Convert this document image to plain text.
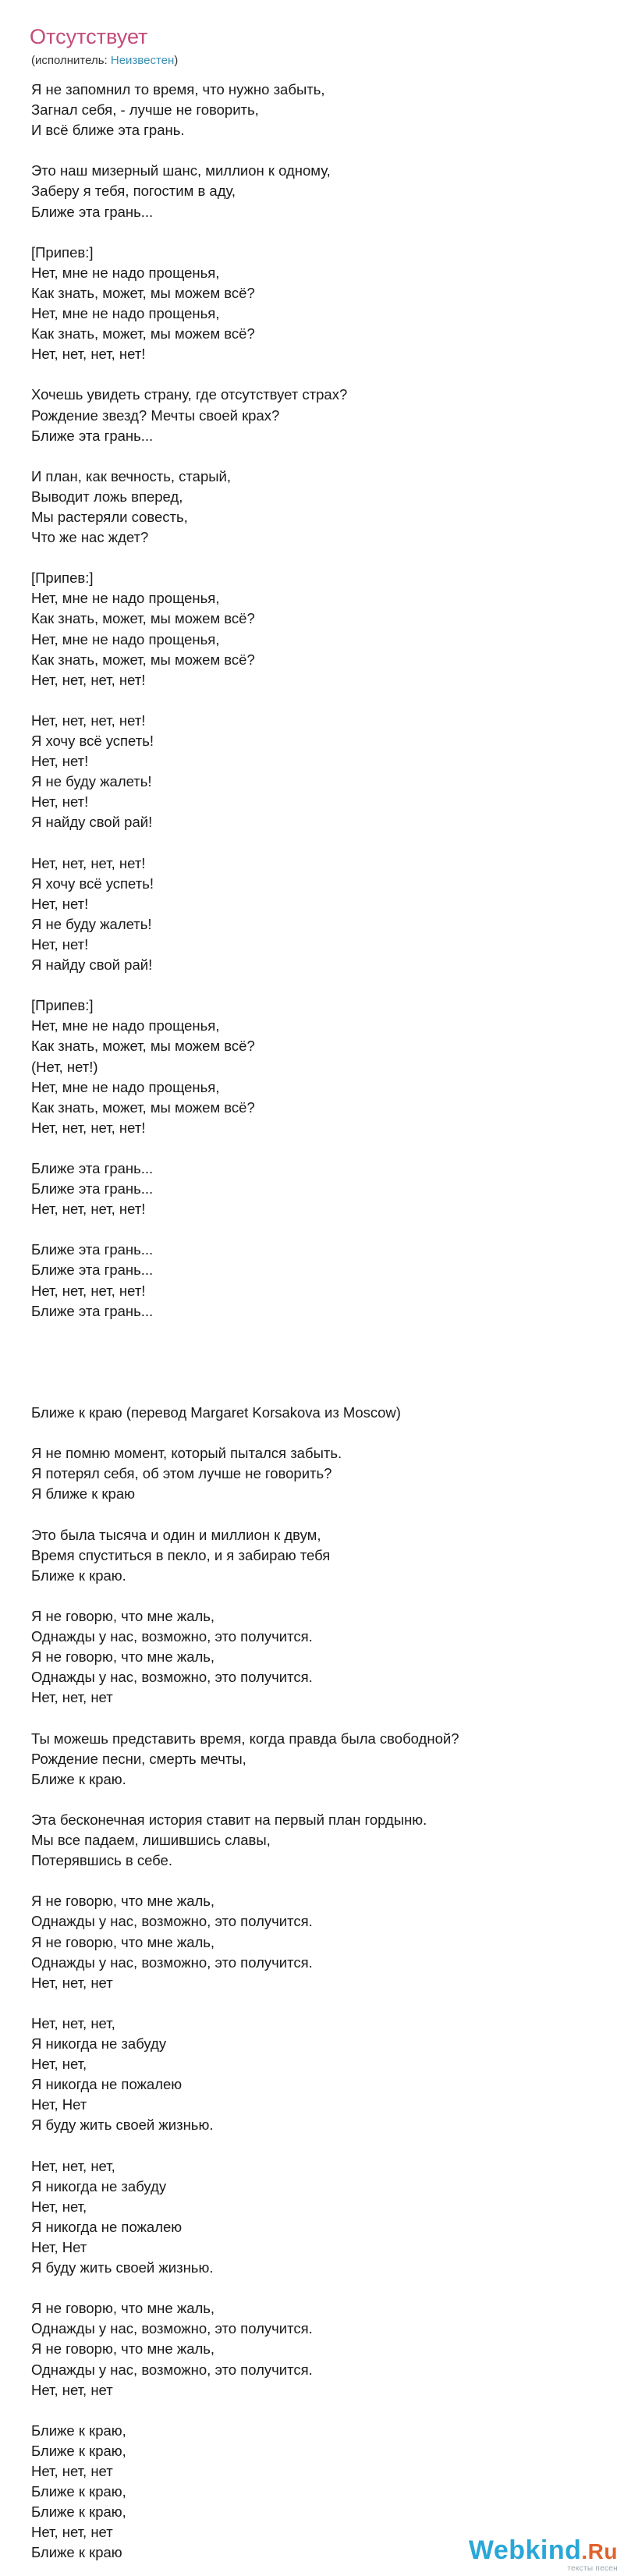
Отсутствует
(исполнитель: Неизвестен)
Я не запомнил то время, что нужно забыть,
Загнал себя, - лучше не говорить,
И всё ближе эта грань.
Это наш мизерный шанс, миллион к одному,
Заберу я тебя, погостим в аду,
Ближе эта грань...
[Припев:]
Нет, мне не надо прощенья,
Как знать, может, мы можем всё?
Нет, мне не надо прощенья,
Как знать, может, мы можем всё?
Нет, нет, нет, нет!
Хочешь увидеть страну, где отсутствует страх?
Рождение звезд? Мечты своей крах?
Ближе эта грань...
И план, как вечность, старый,
Выводит ложь вперед,
Мы растеряли совесть,
Что же нас ждет?
[Припев:]
Нет, мне не надо прощенья,
Как знать, может, мы можем всё?
Нет, мне не надо прощенья,
Как знать, может, мы можем всё?
Нет, нет, нет, нет!
Нет, нет, нет, нет!
Я хочу всё успеть!
Нет, нет!
Я не буду жалеть!
Нет, нет!
Я найду свой рай!
Нет, нет, нет, нет!
Я хочу всё успеть!
Нет, нет!
Я не буду жалеть!
Нет, нет!
Я найду свой рай!
[Припев:]
Нет, мне не надо прощенья,
Как знать, может, мы можем всё?
(Нет, нет!)
Нет, мне не надо прощенья,
Как знать, может, мы можем всё?
Нет, нет, нет, нет!
Ближе эта грань...
Ближе эта грань...
Нет, нет, нет, нет!
Ближе эта грань...
Ближе эта грань...
Нет, нет, нет, нет!
Ближе эта грань...
Ближе к краю (перевод Margaret Korsakova из Moscow)
Я не помню момент, который пытался забыть.
Я потерял себя, об этом лучше не говорить?
Я ближе к краю
Это была тысяча и один и миллион к двум,
Время спуститься в пекло, и я забираю тебя
Ближе к краю.
Я не говорю, что мне жаль,
Однажды у нас, возможно, это получится.
Я не говорю, что мне жаль,
Однажды у нас, возможно, это получится.
Нет, нет, нет
Ты можешь представить время, когда правда была свободной?
Рождение песни, смерть мечты,
Ближе к краю.
Эта бесконечная история ставит на первый план гордыню.
Мы все падаем, лишившись славы,
Потерявшись в себе.
Я не говорю, что мне жаль,
Однажды у нас, возможно, это получится.
Я не говорю, что мне жаль,
Однажды у нас, возможно, это получится.
Нет, нет, нет
Нет, нет, нет,
Я никогда не забуду
Нет, нет,
Я никогда не пожалею
Нет, Нет
Я буду жить своей жизнью.
Нет, нет, нет,
Я никогда не забуду
Нет, нет,
Я никогда не пожалею
Нет, Нет
Я буду жить своей жизнью.
Я не говорю, что мне жаль,
Однажды у нас, возможно, это получится.
Я не говорю, что мне жаль,
Однажды у нас, возможно, это получится.
Нет, нет, нет
Ближе к краю,
Ближе к краю,
Нет, нет, нет
Ближе к краю,
Ближе к краю,
Нет, нет, нет
Ближе к краю	Webkind.Ru
тексты песен
